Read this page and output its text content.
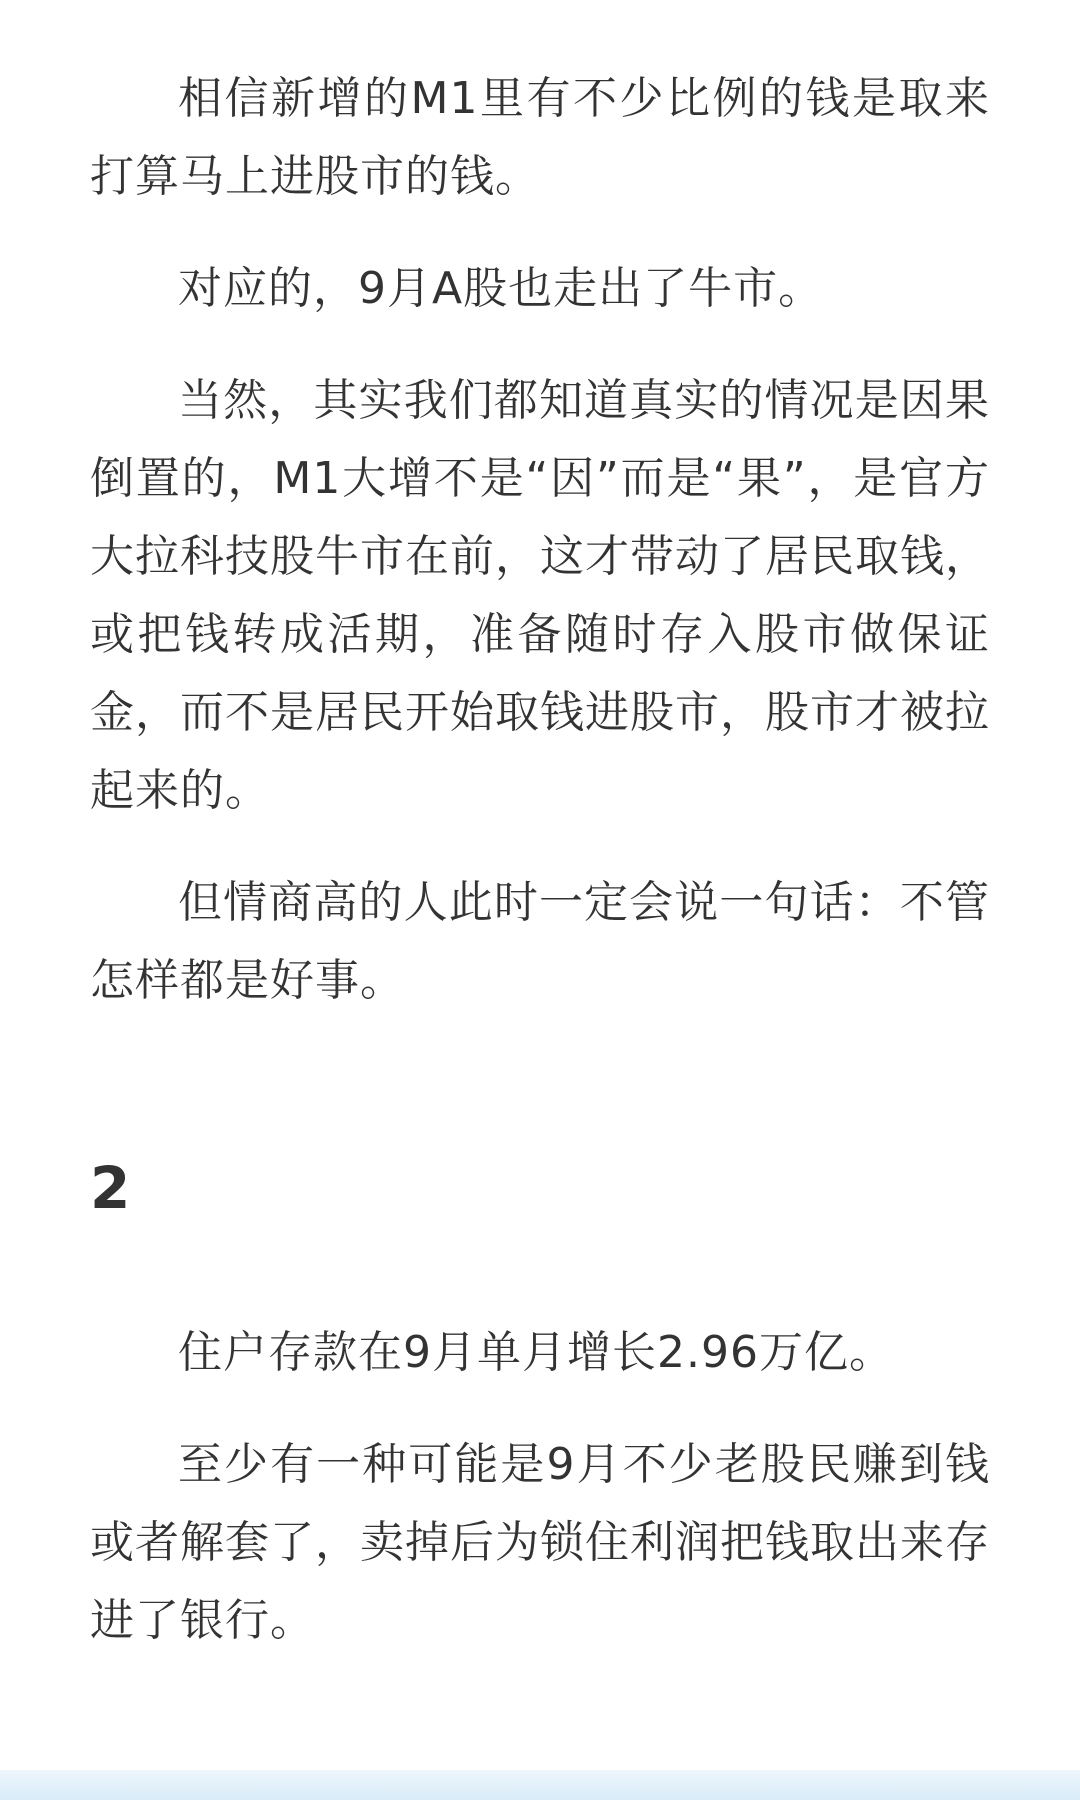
相信新增的M1里有不少比例的钱是取来打算马上进股市的钱。

对应的，9月A股也走出了牛市。

当然，其实我们都知道真实的情况是因果倒置的，M1大增不是“因”而是“果”，是官方大拉科技股牛市在前，这才带动了居民取钱，或把钱转成活期，准备随时存入股市做保证金，而不是居民开始取钱进股市，股市才被拉起来的。

但情商高的人此时一定会说一句话：不管怎样都是好事。

2

住户存款在9月单月增长2.96万亿。

至少有一种可能是9月不少老股民赚到钱或者解套了，卖掉后为锁住利润把钱取出来存进了银行。
